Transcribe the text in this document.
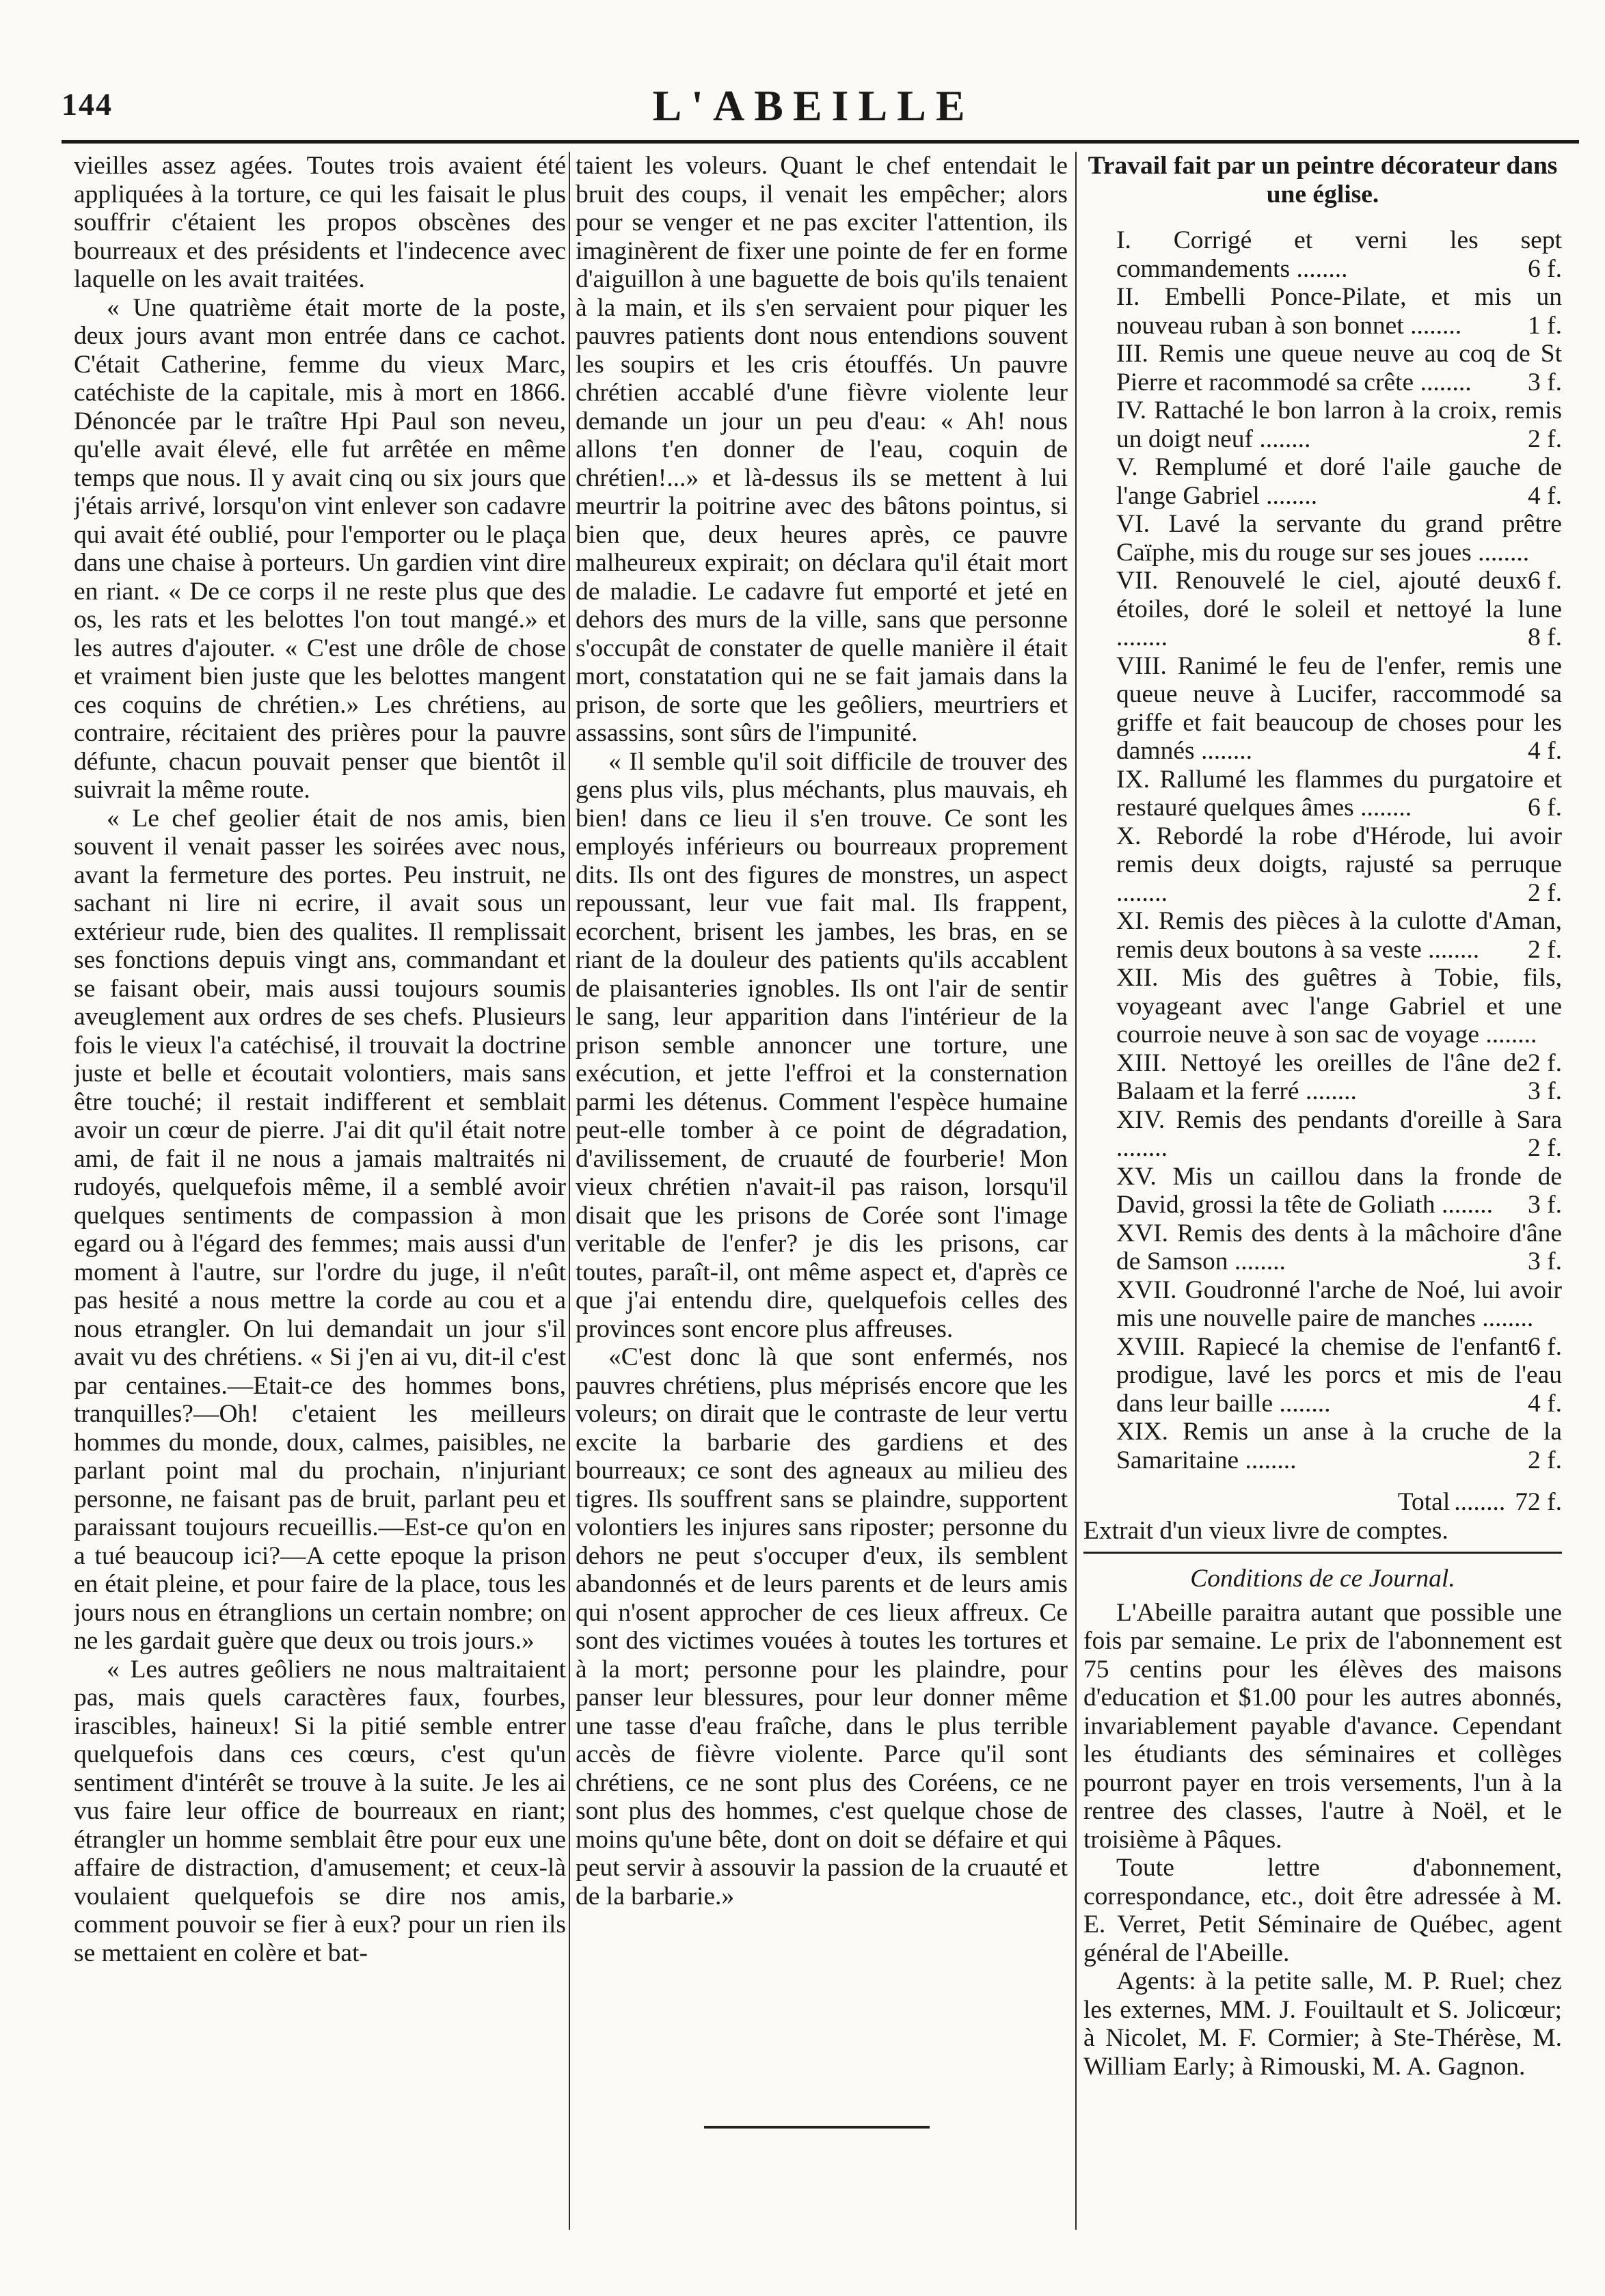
144	L'ABEILLE

vieilles assez agées. Toutes trois avaient été appliquées à la torture, ce qui les faisait le plus souffrir c'étaient les propos obscènes des bourreaux et des présidents et l'indecence avec laquelle on les avait traitées.

« Une quatrième était morte de la poste, deux jours avant mon entrée dans ce cachot. C'était Catherine, femme du vieux Marc, catéchiste de la capitale, mis à mort en 1866. Dénoncée par le traître Hpi Paul son neveu, qu'elle avait élevé, elle fut arrêtée en même temps que nous. Il y avait cinq ou six jours que j'étais arrivé, lorsqu'on vint enlever son cadavre qui avait été oublié, pour l'emporter ou le plaça dans une chaise à porteurs. Un gardien vint dire en riant. « De ce corps il ne reste plus que des os, les rats et les belottes l'on tout mangé.» et les autres d'ajouter. « C'est une drôle de chose et vraiment bien juste que les belottes mangent ces coquins de chrétien.» Les chrétiens, au contraire, récitaient des prières pour la pauvre défunte, chacun pouvait penser que bientôt il suivrait la même route.

« Le chef geolier était de nos amis, bien souvent il venait passer les soirées avec nous, avant la fermeture des portes. Peu instruit, ne sachant ni lire ni ecrire, il avait sous un extérieur rude, bien des qualites. Il remplissait ses fonctions depuis vingt ans, commandant et se faisant obeir, mais aussi toujours soumis aveuglement aux ordres de ses chefs. Plusieurs fois le vieux l'a catéchisé, il trouvait la doctrine juste et belle et écoutait volontiers, mais sans être touché; il restait indifferent et semblait avoir un cœur de pierre. J'ai dit qu'il était notre ami, de fait il ne nous a jamais maltraités ni rudoyés, quelquefois même, il a semblé avoir quelques sentiments de compassion à mon egard ou à l'égard des femmes; mais aussi d'un moment à l'autre, sur l'ordre du juge, il n'eût pas hesité a nous mettre la corde au cou et a nous etrangler. On lui demandait un jour s'il avait vu des chrétiens. « Si j'en ai vu, dit-il c'est par centaines.—Etait-ce des hommes bons, tranquilles?—Oh! c'etaient les meilleurs hommes du monde, doux, calmes, paisibles, ne parlant point mal du prochain, n'injuriant personne, ne faisant pas de bruit, parlant peu et paraissant toujours recueillis.—Est-ce qu'on en a tué beaucoup ici?—A cette epoque la prison en était pleine, et pour faire de la place, tous les jours nous en étranglions un certain nombre; on ne les gardait guère que deux ou trois jours.»

« Les autres geôliers ne nous maltraitaient pas, mais quels caractères faux, fourbes, irascibles, haineux! Si la pitié semble entrer quelquefois dans ces cœurs, c'est qu'un sentiment d'intérêt se trouve à la suite. Je les ai vus faire leur office de bourreaux en riant; étrangler un homme semblait être pour eux une affaire de distraction, d'amusement; et ceux-là voulaient quelquefois se dire nos amis, comment pouvoir se fier à eux? pour un rien ils se mettaient en colère et bat-

taient les voleurs. Quant le chef entendait le bruit des coups, il venait les empêcher; alors pour se venger et ne pas exciter l'attention, ils imaginèrent de fixer une pointe de fer en forme d'aiguillon à une baguette de bois qu'ils tenaient à la main, et ils s'en servaient pour piquer les pauvres patients dont nous entendions souvent les soupirs et les cris étouffés. Un pauvre chrétien accablé d'une fièvre violente leur demande un jour un peu d'eau: « Ah! nous allons t'en donner de l'eau, coquin de chrétien!...» et là-dessus ils se mettent à lui meurtrir la poitrine avec des bâtons pointus, si bien que, deux heures après, ce pauvre malheureux expirait; on déclara qu'il était mort de maladie. Le cadavre fut emporté et jeté en dehors des murs de la ville, sans que personne s'occupât de constater de quelle manière il était mort, constatation qui ne se fait jamais dans la prison, de sorte que les geôliers, meurtriers et assassins, sont sûrs de l'impunité.

« Il semble qu'il soit difficile de trouver des gens plus vils, plus méchants, plus mauvais, eh bien! dans ce lieu il s'en trouve. Ce sont les employés inférieurs ou bourreaux proprement dits. Ils ont des figures de monstres, un aspect repoussant, leur vue fait mal. Ils frappent, ecorchent, brisent les jambes, les bras, en se riant de la douleur des patients qu'ils accablent de plaisanteries ignobles. Ils ont l'air de sentir le sang, leur apparition dans l'intérieur de la prison semble annoncer une torture, une exécution, et jette l'effroi et la consternation parmi les détenus. Comment l'espèce humaine peut-elle tomber à ce point de dégradation, d'avilissement, de cruauté de fourberie! Mon vieux chrétien n'avait-il pas raison, lorsqu'il disait que les prisons de Corée sont l'image veritable de l'enfer? je dis les prisons, car toutes, paraît-il, ont même aspect et, d'après ce que j'ai entendu dire, quelquefois celles des provinces sont encore plus affreuses.

«C'est donc là que sont enfermés, nos pauvres chrétiens, plus méprisés encore que les voleurs; on dirait que le contraste de leur vertu excite la barbarie des gardiens et des bourreaux; ce sont des agneaux au milieu des tigres. Ils souffrent sans se plaindre, supportent volontiers les injures sans riposter; personne du dehors ne peut s'occuper d'eux, ils semblent abandonnés et de leurs parents et de leurs amis qui n'osent approcher de ces lieux affreux. Ce sont des victimes vouées à toutes les tortures et à la mort; personne pour les plaindre, pour panser leur blessures, pour leur donner même une tasse d'eau fraîche, dans le plus terrible accès de fièvre violente. Parce qu'il sont chrétiens, ce ne sont plus des Coréens, ce ne sont plus des hommes, c'est quelque chose de moins qu'une bête, dont on doit se défaire et qui peut servir à assouvir la passion de la cruauté et de la barbarie.»

Travail fait par un peintre décorateur dans une église.

I. Corrigé et verni les sept commandements ........	6 f.

II. Embelli Ponce-Pilate, et mis un nouveau ruban à son bonnet ........	1 f.

III. Remis une queue neuve au coq de St Pierre et racommodé sa crête ........ 3 f.

IV. Rattaché le bon larron à la croix, remis un doigt neuf ........	2 f.

V. Remplumé et doré l'aile gauche de l'ange Gabriel ........	4 f.

VI. Lavé la servante du grand prêtre Caïphe, mis du rouge sur ses joues ........
6 f.

VII. Renouvelé le ciel, ajouté deux étoiles, doré le soleil et nettoyé la lune ........	8 f.

VIII. Ranimé le feu de l'enfer, remis une queue neuve à Lucifer, raccommodé sa griffe et fait beaucoup de choses pour les damnés ........	4 f.

IX. Rallumé les flammes du purgatoire et restauré quelques âmes ........	6 f.

X. Rebordé la robe d'Hérode, lui avoir remis deux doigts, rajusté sa perruque ........	2 f.

XI. Remis des pièces à la culotte d'Aman, remis deux boutons à sa veste ........ 2 f.

XII. Mis des guêtres à Tobie, fils, voyageant avec l'ange Gabriel et une courroie neuve à son sac de voyage ........
2 f.

XIII. Nettoyé les oreilles de l'âne de Balaam et la ferré ........	3 f.

XIV. Remis des pendants d'oreille à Sara ........	2 f.

XV. Mis un caillou dans la fronde de David, grossi la tête de Goliath ........ 3 f.

XVI. Remis des dents à la mâchoire d'âne de Samson ........	3 f.

XVII. Goudronné l'arche de Noé, lui avoir mis une nouvelle paire de manches ........
6 f.

XVIII. Rapiecé la chemise de l'enfant prodigue, lavé les porcs et mis de l'eau dans leur baille ........	4 f.

XIX. Remis un anse à la cruche de la Samaritaine ........	2 f.

Total ........ 72 f.

Extrait d'un vieux livre de comptes.

Conditions de ce Journal.

L'Abeille paraitra autant que possible une fois par semaine. Le prix de l'abonnement est 75 centins pour les élèves des maisons d'education et $1.00 pour les autres abonnés, invariablement payable d'avance. Cependant les étudiants des séminaires et collèges pourront payer en trois versements, l'un à la rentree des classes, l'autre à Noël, et le troisième à Pâques.

Toute lettre d'abonnement, correspondance, etc., doit être adressée à M. E. Verret, Petit Séminaire de Québec, agent général de l'Abeille.

Agents: à la petite salle, M. P. Ruel; chez les externes, MM. J. Fouiltault et S. Jolicœur; à Nicolet, M. F. Cormier; à Ste-Thérèse, M. William Early; à Rimouski, M. A. Gagnon.
